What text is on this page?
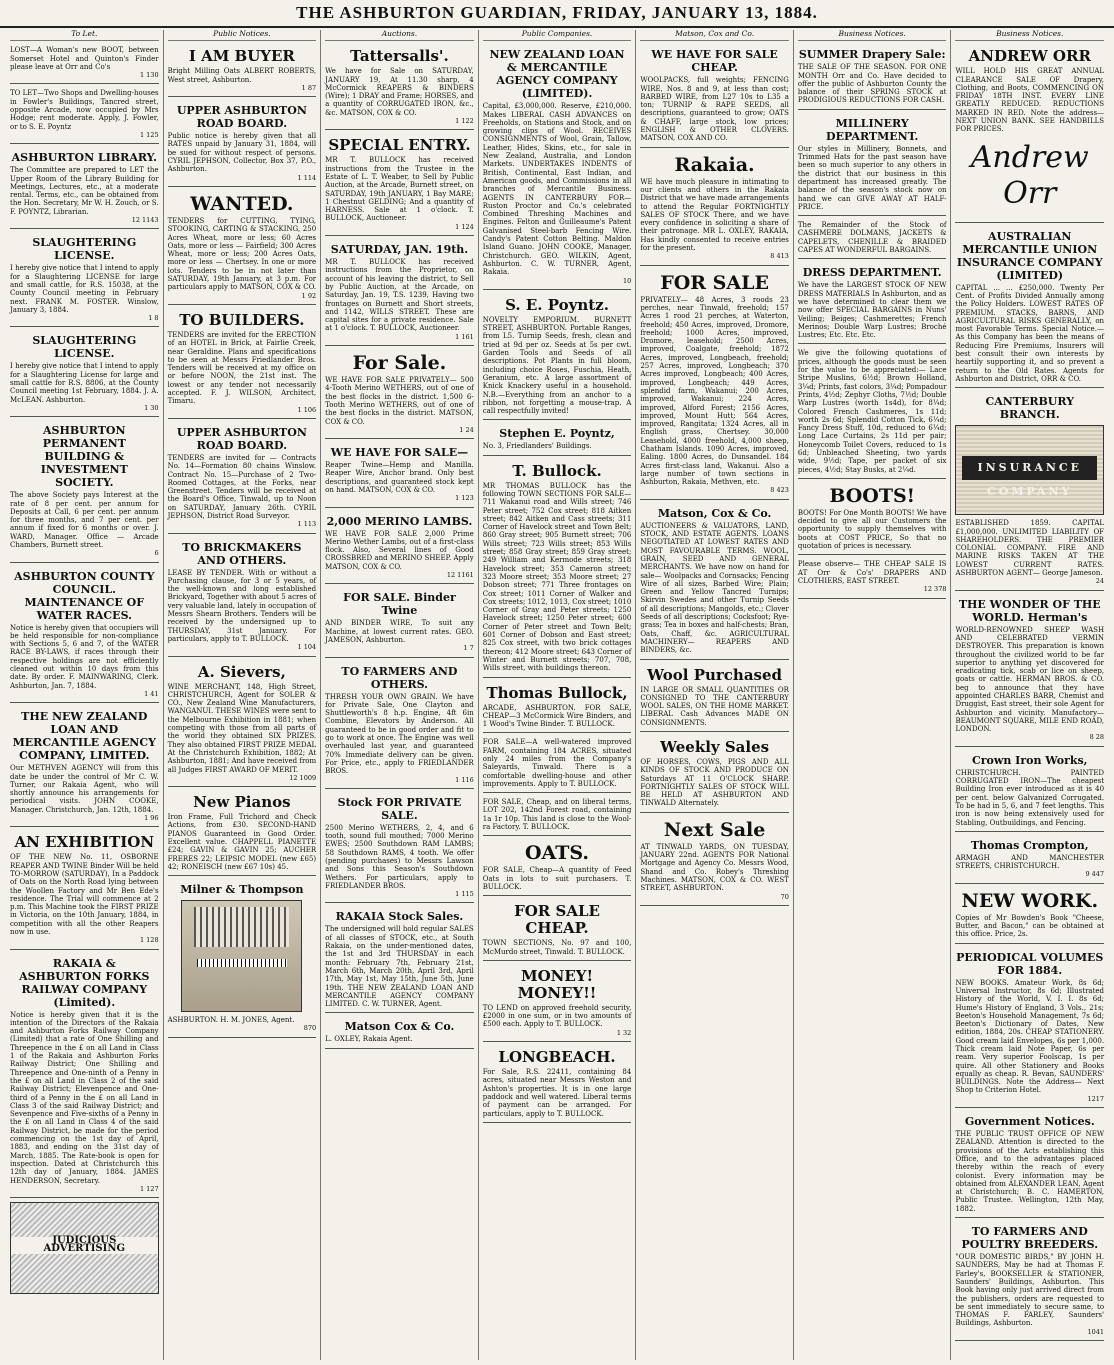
THE ASHBURTON GUARDIAN, FRIDAY, JANUARY 13, 1884.
To Let.
LOST—A Woman's new BOOT, between Somerset Hotel and Quinton's Finder please leave at Orr and Co's
1 130
TO LET—Two Shops and Dwelling-houses in Fowler's Buildings, Tancred street, opposite Arcade, now occupied by Mrs Hodge; rent moderate. Apply, J. Fowler, or to S. E. Poyntz
1 125
ASHBURTON LIBRARY.
The Committee are prepared to LET the Upper Room of the Library Building for Meetings, Lectures, etc., at a moderate rental. Terms, etc., can be obtained from the Hon. Secretary, Mr W. H. Zouch, or S. F. POYNTZ, Librarian.
12 1143
SLAUGHTERING LICENSE.
I hereby give notice that I intend to apply for a Slaughtering LICENSE for large and small cattle, for R.S. 15038, at the County Council meeting in February next. FRANK M. FOSTER. Winslow, January 3, 1884.
1 8
SLAUGHTERING LICENSE.
I hereby give notice that I intend to apply for a Slaughtering License for large and small cattle for R.S. 8806, at the County Council meeting 1st February, 1884. J. A. McLEAN. Ashburton.
1 30
ASHBURTON PERMANENT BUILDING & INVESTMENT SOCIETY.
The above Society pays Interest at the rate of 8 per cent. per annum for Deposits at Call, 6 per cent. per annum for three months, and 7 per cent. per annum if fixed for 6 months or over. J. WARD, Manager. Office — Arcade Chambers, Burnett street.
6
ASHBURTON COUNTY COUNCIL. MAINTENANCE OF WATER RACES.
Notice is hereby given that occupiers will be held responsible for non-compliance with Sections 5, 6 and 7, of the WATER RACE BY-LAWS, if races through their respective holdings are not efficiently cleaned out within 10 days from this date. By order. F. MAINWARING, Clerk. Ashburton, Jan. 7, 1884.
1 41
THE NEW ZEALAND LOAN AND MERCANTILE AGENCY COMPANY, LIMITED.
Our METHVEN AGENCY will from this date be under the control of Mr C. W. Turner, our Rakaia Agent, who will shortly announce his arrangements for periodical visits. JOHN COOKE, Manager. Christchurch, Jan. 12th, 1884.
1 96
AN EXHIBITION
OF THE NEW No. 11, OSBORNE REAPER AND TWINE Binder Will be held TO-MORROW (SATURDAY), In a Paddock of Oats on the North Road lying between the Woollen Factory and Mr Ben Ede's residence. The Trial will commence at 2 p.m. This Machine took the FIRST PRIZE in Victoria, on the 10th January, 1884, in competition with all the other Reapers now in use.
1 128
RAKAIA & ASHBURTON FORKS RAILWAY COMPANY (Limited).
Notice is hereby given that it is the intention of the Directors of the Rakaia and Ashburton Forks Railway Company (Limited) that a rate of One Shilling and Threepence in the £ on all Land in Class 1 of the Rakaia and Ashburton Forks Railway District; One Shilling and Threepence and One-ninth of a Penny in the £ on all Land in Class 2 of the said Railway District; Elevenpence and One-third of a Penny in the £ on all Land in Class 3 of the said Railway District; and Sevenpence and Five-sixths of a Penny in the £ on all Land in Class 4 of the said Railway District, be made for the period commencing on the 1st day of April, 1883, and ending on the 31st day of March, 1885. The Rate-book is open for inspection. Dated at Christchurch this 12th day of January, 1884. JAMES HENDERSON, Secretary.
1 127
JUDICIOUS ADVERTISING
Public Notices.
I AM BUYER
Bright Milling Oats ALBERT ROBERTS, West street, Ashburton.
1 87
UPPER ASHBURTON ROAD BOARD.
Public notice is hereby given that all RATES unpaid by January 31, 1884, will be sued for without respect of persons. CYRIL JEPHSON, Collector, Box 37, P.O., Ashburton.
1 114
WANTED.
TENDERS for CUTTING, TYING, STOOKING, CARTING & STACKING, 250 Acres Wheat, more or less; 60 Acres Oats, more or less — Fairfield; 300 Acres Wheat, more or less; 200 Acres Oats, more or less — Chertsey. In one or more lots. Tenders to be in not later than SATURDAY, 19th January, at 3 p.m. For particulars apply to MATSON, COX & CO.
1 92
TO BUILDERS.
TENDERS are invited for the ERECTION of an HOTEL in Brick, at Fairlie Creek, near Geraldine. Plans and specifications to be seen at Messrs Friedlander Bros. Tenders will be received at my office on or before NOON, the 21st inst. The lowest or any tender not necessarily accepted. F. J. WILSON, Architect, Timaru.
1 106
UPPER ASHBURTON ROAD BOARD.
TENDERS are invited for — Contracts No. 14—Formation 80 chains Winslow. Contract No. 15—Purchase of 2 Two-Roomed Cottages, at the Forks, near Greenstreet. Tenders will be received at the Board's Office, Tinwald, up to Noon on SATURDAY, January 26th. CYRIL JEPHSON, District Road Surveyor.
1 113
TO BRICKMAKERS AND OTHERS.
LEASE BY TENDER. With or without a Purchasing clause, for 3 or 5 years, of the well-known and long established Brickyard, Together with about 5 acres of very valuable land, lately in occupation of Messrs Shearn Brothers. Tenders will be received by the undersigned up to THURSDAY, 31st January. For particulars, apply to T. BULLOCK.
1 104
A. Sievers,
WINE MERCHANT, 148, High Street, CHRISTCHURCH, Agent for SOLER & CO., New Zealand Wine Manufacturers, WANGANUI. THESE WINES were sent to the Melbourne Exhibition in 1881; when competing with those from all parts of the world they obtained SIX PRIZES. They also obtained FIRST PRIZE MEDAL At the Christchurch Exhibition, 1882; At Ashburton, 1881; And have received from all Judges FIRST AWARD OF MERIT.
12 1009
New Pianos
Iron Frame, Full Trichord and Check Actions, from £30. SECOND-HAND PIANOS Guaranteed in Good Order. Excellent value. CHAPPELL PIANETTE £24; GAVIN & GAVIN 25; AUCHER FRERES 22; LEIPSIC MODEL (new £65) 42; RONEISCH (new £67 10s) 45.
Milner & Thompson
ASHBURTON. H. M. JONES, Agent.
870
Auctions.
Tattersalls'.
We have for Sale on SATURDAY, JANUARY 19, At 11.30 sharp, 4 McCormick REAPERS & BINDERS (Wire); 1 DRAY and Frame; HORSES, and a quantity of CORRUGATED IRON, &c., &c. MATSON, COX & CO.
1 122
SPECIAL ENTRY.
MR T. BULLOCK has received instructions from the Trustee in the Estate of L. T. Weaber, to Sell by Public Auction, at the Arcade, Burnett street, on SATURDAY, 19th JANUARY, 1 Bay MARE; 1 Chestnut GELDING; And a quantity of HARNESS. Sale at 1 o'clock. T. BULLOCK, Auctioneer.
1 124
SATURDAY, JAN. 19th.
MR T. BULLOCK has received instructions from the Proprietor, on account of his leaving the district, to Sell by Public Auction, at the Arcade, on Saturday, Jan. 19, T.S. 1239, Having two frontages on Burnett and Short streets, and 1142, WILLS STREET. These are capital sites for a private residence. Sale at 1 o'clock. T. BULLOCK, Auctioneer.
1 161
For Sale.
WE HAVE FOR SALE PRIVATELY— 500 4-Tooth Merino WETHERS, out of one of the best flocks in the district. 1,500 6-Tooth Merino WETHERS, out of one of the best flocks in the district. MATSON, COX & CO.
1 24
WE HAVE FOR SALE—
Reaper Twine—Hemp and Manilla. Reaper Wire, Anchor brand. Only best descriptions, and guaranteed stock kept on hand. MATSON, COX & CO.
1 123
2,000 MERINO LAMBS.
WE HAVE FOR SALE 2,000 Prime Merino Wether Lambs, out of a first-class flock. Also, Several lines of Good CROSSBRED and MERINO SHEEP. Apply MATSON, COX & CO.
12 1161
FOR SALE. Binder Twine
AND BINDER WIRE, To suit any Machine, at lowest current rates. GEO. JAMESON, Ashburton.
1 7
TO FARMERS AND OTHERS.
THRESH YOUR OWN GRAIN. We have for Private Sale, One Clayton and Shuttleworth's 8 h.p. Engine, 4ft 6in Combine, Elevators by Anderson. All guaranteed to be in good order and fit to go to work at once. The Engine was well overhauled last year, and guaranteed 70% Immediate delivery can be given. For Price, etc., apply to FRIEDLANDER BROS.
1 116
Stock FOR PRIVATE SALE.
2500 Merino WETHERS, 2, 4, and 6 tooth, sound full mouthed; 7000 Merino EWES; 2500 Southdown RAM LAMBS; 58 Southdown RAMS, 4 tooth. We offer (pending purchases) to Messrs Lawson and Sons this Season's Southdown Wethers. For particulars, apply to FRIEDLANDER BROS.
1 115
RAKAIA Stock Sales.
The undersigned will hold regular SALES of all classes of STOCK, etc., at South Rakaia, on the under-mentioned dates, the 1st and 3rd THURSDAY in each month: February 7th, February 21st, March 6th, March 20th, April 3rd, April 17th, May 1st, May 15th, June 5th, June 19th. THE NEW ZEALAND LOAN AND MERCANTILE AGENCY COMPANY LIMITED. C. W. TURNER, Agent.
Matson Cox & Co.
L. OXLEY, Rakaia Agent.
Public Companies.
NEW ZEALAND LOAN & MERCANTILE AGENCY COMPANY (LIMITED).
Capital, £3,000,000. Reserve, £210,000. Makes LIBERAL CASH ADVANCES on Freeholds, on Stations and Stock, and on growing clips of Wool. RECEIVES CONSIGNMENTS of Wool, Grain, Tallow, Leather, Hides, Skins, etc., for sale in New Zealand, Australia, and London Markets. UNDERTAKES INDENTS of British, Continental, East Indian, and American goods, and Commissions in all branches of Mercantile Business. AGENTS IN CANTERBURY FOR— Ruston Proctor and Co.'s celebrated Combined Threshing Machines and Engines. Felton and Guilleaume's Patent Galvanised Steel-barb Fencing Wire. Candy's Patent Cotton Belting. Maldon Island Guano. JOHN COOKE, Manager, Christchurch. GEO. WILKIN, Agent, Ashburton. C. W. TURNER, Agent, Rakaia.
10
S. E. Poyntz.
NOVELTY EMPORIUM. BURNETT STREET, ASHBURTON. Portable Ranges, from L5. Turnip Seeds, fresh, clean and tried at 9d per oz. Seeds at 5s per cwt. Garden Tools and Seeds of all descriptions. Pot Plants in full bloom, including choice Roses, Fuschia, Heath, Geranium, etc. A large assortment of Knick Knackery useful in a household. N.B.—Everything from an anchor to a ribbon, not forgetting a mouse-trap. A call respectfully invited!
Stephen E. Poyntz,
No. 3, Friedlanders' Buildings.
T. Bullock.
MR THOMAS BULLOCK has the following TOWN SECTIONS FOR SALE— 711 Wakanui road and Wills street; 746 Peter street; 752 Cox street; 818 Aitken street; 842 Aitken and Cass streets; 311 Corner of Havelock street and Town Belt; 860 Gray street; 905 Burnett street; 706 Wills street; 723 Wills street; 853 Wills street; 858 Gray street; 859 Gray street; 249 William and Kermode streets; 318 Havelock street; 353 Cameron street; 323 Moore street; 353 Moore street; 27 Dobson street; 771 Three frontages on Cox street; 1011 Corner of Walker and Cox streets; 1012, 1013, Cox street; 1010 Corner of Gray and Peter streets; 1250 Havelock street; 1250 Peter street; 600 Corner of Peter street and Town Belt; 601 Corner of Dobson and East street; 825 Cox street, with two brick cottages thereon; 412 Moore street; 643 Corner of Winter and Burnett streets; 707, 708, Wills street, with buildings thereon.
Thomas Bullock,
ARCADE, ASHBURTON. FOR SALE, CHEAP—3 McCormick Wire Binders, and 1 Wood's Twine Binder. T. BULLOCK.
FOR SALE—A well-watered improved FARM, containing 184 ACRES, situated only 24 miles from the Company's Saleyards, Tinwald. There is a comfortable dwelling-house and other improvements. Apply to T. BULLOCK.
FOR SALE, Cheap, and on liberal terms, LOT 202, 142nd Forest road, containing 1a 1r 10p. This land is close to the Wool-ra Factory. T. BULLOCK.
OATS.
FOR SALE, Cheap—A quantity of Feed Oats in lots to suit purchasers. T. BULLOCK.
FOR SALE CHEAP.
TOWN SECTIONS, No. 97 and 100, McMurdo street, Tinwald. T. BULLOCK.
MONEY! MONEY!!
TO LEND on approved freehold security, £2000 in one sum, or in two amounts of £500 each. Apply to T. BULLOCK.
1 32
LONGBEACH.
For Sale, R.S. 22411, containing 84 acres, situated near Messrs Weston and Ashton's properties. It is in one large paddock and well watered. Liberal terms of payment can be arranged. For particulars, apply to T. BULLOCK.
Matson, Cox and Co.
WE HAVE FOR SALE CHEAP.
WOOLPACKS, full weights; FENCING WIRE, Nos. 8 and 9, at less than cost; BARBED WIRE, from L27 10s to L35 a ton; TURNIP & RAPE SEEDS, all descriptions, guaranteed to grow; OATS & CHAFF, large stock, low prices; ENGLISH & OTHER CLOVERS. MATSON, COX AND CO.
Rakaia.
WE have much pleasure in intimating to our clients and others in the Rakaia District that we have made arrangements to attend the Regular FORTNIGHTLY SALES OF STOCK There, and we have every confidence in soliciting a share of their patronage. MR L. OXLEY, RAKAIA, Has kindly consented to receive entries for the present.
8 413
FOR SALE
PRIVATELY— 48 Acres, 3 roods 23 perches, near Tinwald, freehold; 157 Acres 1 rood 21 perches, at Waterton, freehold; 450 Acres, improved, Dromore, freehold; 1000 Acres, improved, Dromore, leasehold; 2500 Acres, improved, Coalgate, freehold; 1872 Acres, improved, Longbeach, freehold; 257 Acres, improved, Longbeach; 370 Acres improved, Longbeach; 400 Acres, improved, Longbeach; 449 Acres, splendid farm, Wakanui; 200 Acres, improved, Wakanui; 224 Acres, improved, Alford Forest; 2156 Acres, improved, Mount Hutt; 564 Acres, improved, Rangitata; 1324 Acres, all in English grass, Chertsey. 30,000 Leasehold, 4000 freehold, 4,000 sheep, Chatham Islands. 1090 Acres, improved, Ealing. 1800 Acres, do Dunsandel. 184 Acres first-class land, Wakanui. Also a large number of town sections in Ashburton, Rakaia, Methven, etc.
8 423
Matson, Cox & Co.
AUCTIONEERS & VALUATORS, LAND, STOCK, AND ESTATE AGENTS. LOANS NEGOTIATED AT LOWEST RATES AND MOST FAVOURABLE TERMS. WOOL, GRAIN, SEED AND GENERAL MERCHANTS. We have now on hand for sale— Woolpacks and Cornsacks; Fencing Wire of all sizes, Barbed Wire; Plain; Green and Yellow Tancred Turnips; Skirvin Swedes and other Turnip Seeds of all descriptions; Mangolds, etc.; Clover Seeds of all descriptions; Cocksfoot; Rye-grass; Tea in boxes and half-chests; Bran, Oats, Chaff, &c. AGRICULTURAL MACHINERY— REAPERS AND BINDERS, &c.
Wool Purchased
IN LARGE OR SMALL QUANTITIES OR CONSIGNED TO THE CANTERBURY WOOL SALES, ON THE HOME MARKET. LIBERAL Cash Advances MADE ON CONSIGNMENTS.
Weekly Sales
OF HORSES, COWS, PIGS AND ALL KINDS OF STOCK AND PRODUCE ON Saturdays AT 11 O'CLOCK SHARP. FORTNIGHTLY SALES OF STOCK WILL BE HELD AT ASHBURTON AND TINWALD Alternately.
Next Sale
AT TINWALD YARDS, ON TUESDAY, JANUARY 22nd. AGENTS FOR National Mortgage and Agency Co. Messrs Wood, Shand and Co. Robey's Threshing Machines. MATSON, COX & CO. WEST STREET, ASHBURTON.
70
Business Notices.
SUMMER Drapery Sale:
THE SALE OF THE SEASON. FOR ONE MONTH Orr and Co. Have decided to offer the public of Ashburton County the balance of their SPRING STOCK at PRODIGIOUS REDUCTIONS FOR CASH.
MILLINERY DEPARTMENT.
Our styles in Millinery, Bonnets, and Trimmed Hats for the past season have been so much superior to any others in the district that our business in this department has increased greatly. The balance of the season's stock now on hand we can GIVE AWAY AT HALF-PRICE.
The Remainder of the Stock of CASHMERE DOLMANS, JACKETS & CAPELETS, CHENILLE & BRAIDED CAPES AT WONDERFUL BARGAINS.
DRESS DEPARTMENT.
We have the LARGEST STOCK OF NEW DRESS MATERIALS In Ashburton, and as we have determined to clear them we now offer SPECIAL BARGAINS in Nuns' Veiling; Beiges; Cashmerettes; French Merinos; Double Warp Lustres; Broché Lustres; Etc. Etc. Etc.
We give the following quotations of prices, although the goods must be seen for the value to be appreciated:— Lace Stripe Muslins, 6½d; Brown Holland, 3¼d; Prints, fast colors, 3¼d; Pompadour Prints, 4½d; Zephyr Cloths, 7½d; Double Warp Lustres (worth 1s4d), for 8¼d; Colored French Cashmeres, 1s 11d; worth 2s 6d; Splendid Cotton Tick, 6¼d; Fancy Dress Stuff, 10d, reduced to 6¼d; Long Lace Curtains, 2s 11d per pair; Honeycomb Toilet Covers, reduced to 1s 6d; Unbleached Sheeting, two yards wide, 9½d; Tape, per packet of six pieces, 4½d; Stay Busks, at 2¼d.
BOOTS!
BOOTS! For One Month BOOTS! We have decided to give all our Customers the opportunity to supply themselves with boots at COST PRICE, So that no quotation of prices is necessary.
Please observe— THE CHEAP SALE IS AT Orr & Co's' DRAPERS AND CLOTHIERS, EAST STREET.
12 378
Business Notices.
ANDREW ORR
WILL HOLD HIS GREAT ANNUAL CLEARANCE SALE OF Drapery, Clothing, and Boots, COMMENCING ON FRIDAY 18TH INST. EVERY LINE GREATLY REDUCED. REDUCTIONS MARKED IN RED. Note the address— NEXT UNION BANK. SEE HANDBILLS FOR PRICES.
Andrew Orr
AUSTRALIAN MERCANTILE UNION INSURANCE COMPANY (LIMITED)
CAPITAL ... ... £250,000. Twenty Per Cent. of Profits Divided Annually among the Policy Holders. LOWEST RATES OF PREMIUM. STACKS, BARNS, AND AGRICULTURAL RISKS GENERALLY, on most Favorable Terms. Special Notice.—As this Company has been the means of Reducing Fire Premiums, Insurers will best consult their own interests by heartily supporting it, and so prevent a return to the Old Rates. Agents for Ashburton and District, ORR & CO.
CANTERBURY BRANCH.
INSURANCE COMPANY
ESTABLISHED 1859. CAPITAL £1,000,000. UNLIMITED LIABILITY OF SHAREHOLDERS. THE PREMIER COLONIAL COMPANY. FIRE AND MARINE RISKS TAKEN AT THE LOWEST CURRENT RATES. ASHBURTON AGENT— George Jameson.
24
THE WONDER OF THE WORLD. Herman's
WORLD-RENOWNED SHEEP WASH AND CELEBRATED VERMIN DESTROYER. This preparation is known throughout the civilized world to be far superior to anything yet discovered for eradicating tick, scab or lice on sheep, goats or cattle. HERMAN BROS. & CO. beg to announce that they have appointed CHARLES BARR, Chemist and Druggist, East street, their sole Agent for Ashburton and vicinity. Manufactory—BEAUMONT SQUARE, MILE END ROAD, LONDON.
8 28
Crown Iron Works,
CHRISTCHURCH. PAINTED CORRUGATED IRON—The cheapest Building Iron ever introduced as it is 40 per cent. below Galvanized Corrugated. To be had in 5, 6, and 7 feet lengths. This iron is now being extensively used for Stabling, Outbuildings, and Fencing.
Thomas Crompton,
ARMAGH AND MANCHESTER STREETS, CHRISTCHURCH.
9 447
NEW WORK.
Copies of Mr Bowden's Book "Cheese, Butter, and Bacon," can be obtained at this office. Price, 2s.
PERIODICAL VOLUMES FOR 1884.
NEW BOOKS. Amateur Work, 8s 6d; Universal Instructor, 8s 6d; Illustrated History of the World, V. I. I. 8s 6d; Hume's History of England, 3 Vols., 21s; Beeton's Household Management, 7s 6d; Beeton's Dictionary of Dates, New edition, 1884, 20s. CHEAP STATIONERY. Good cream laid Envelopes, 6s per 1,000. Thick cream laid Note Paper, 6s per ream. Very superior Foolscap, 1s per quire. All other Stationery and Books equally as cheap. R. Bevan, SAUNDERS' BUILDINGS. Note the Address— Next Shop to Criterion Hotel.
1217
Government Notices.
THE PUBLIC TRUST OFFICE OF NEW ZEALAND. Attention is directed to the provisions of the Acts establishing this Office, and to the advantages placed thereby within the reach of every colonist. Every information may be obtained from ALEXANDER LEAN, Agent at Christchurch; B. C. HAMERTON, Public Trustee. Wellington, 12th May, 1882.
TO FARMERS AND POULTRY BREEDERS.
"OUR DOMESTIC BIRDS," BY JOHN H. SAUNDERS, May be had at Thomas F. Farley's, BOOKSELLER & STATIONER, Saunders' Buildings, Ashburton. This Book having only just arrived direct from the publishers, orders are requested to be sent immediately to secure same, to THOMAS F. FARLEY, Saunders' Buildings, Ashburton.
1041
